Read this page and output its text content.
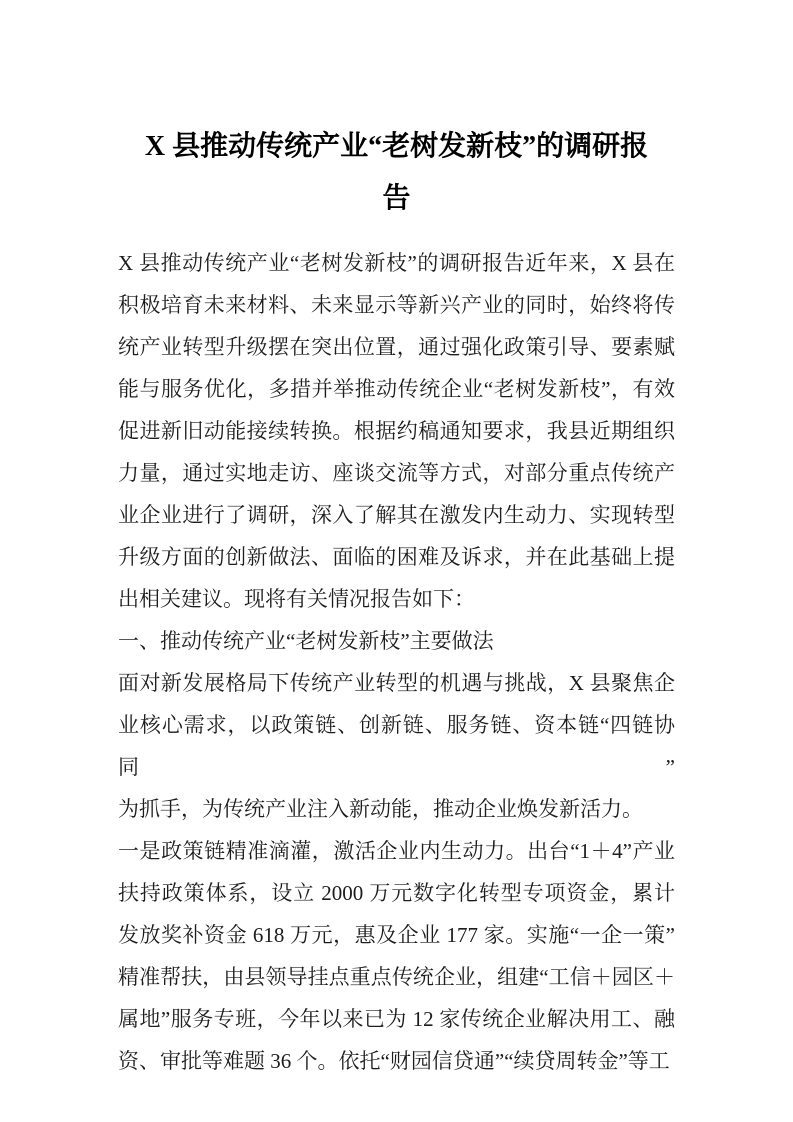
X 县推动传统产业“老树发新枝”的调研报
告
X 县推动传统产业“老树发新枝”的调研报告近年来，X 县在
积极培育未来材料、未来显示等新兴产业的同时，始终将传
统产业转型升级摆在突出位置，通过强化政策引导、要素赋
能与服务优化，多措并举推动传统企业“老树发新枝”，有效
促进新旧动能接续转换。根据约稿通知要求，我县近期组织
力量，通过实地走访、座谈交流等方式，对部分重点传统产
业企业进行了调研，深入了解其在激发内生动力、实现转型
升级方面的创新做法、面临的困难及诉求，并在此基础上提
出相关建议。现将有关情况报告如下：
一、推动传统产业“老树发新枝”主要做法
面对新发展格局下传统产业转型的机遇与挑战，X 县聚焦企
业核心需求，以政策链、创新链、服务链、资本链“四链协同”
为抓手，为传统产业注入新动能，推动企业焕发新活力。
一是政策链精准滴灌，激活企业内生动力。出台“1＋4”产业
扶持政策体系，设立 2000 万元数字化转型专项资金，累计
发放奖补资金 618 万元，惠及企业 177 家。实施“一企一策”
精准帮扶，由县领导挂点重点传统企业，组建“工信＋园区＋
属地”服务专班，今年以来已为 12 家传统企业解决用工、融
资、审批等难题 36 个。依托“财园信贷通”“续贷周转金”等工
